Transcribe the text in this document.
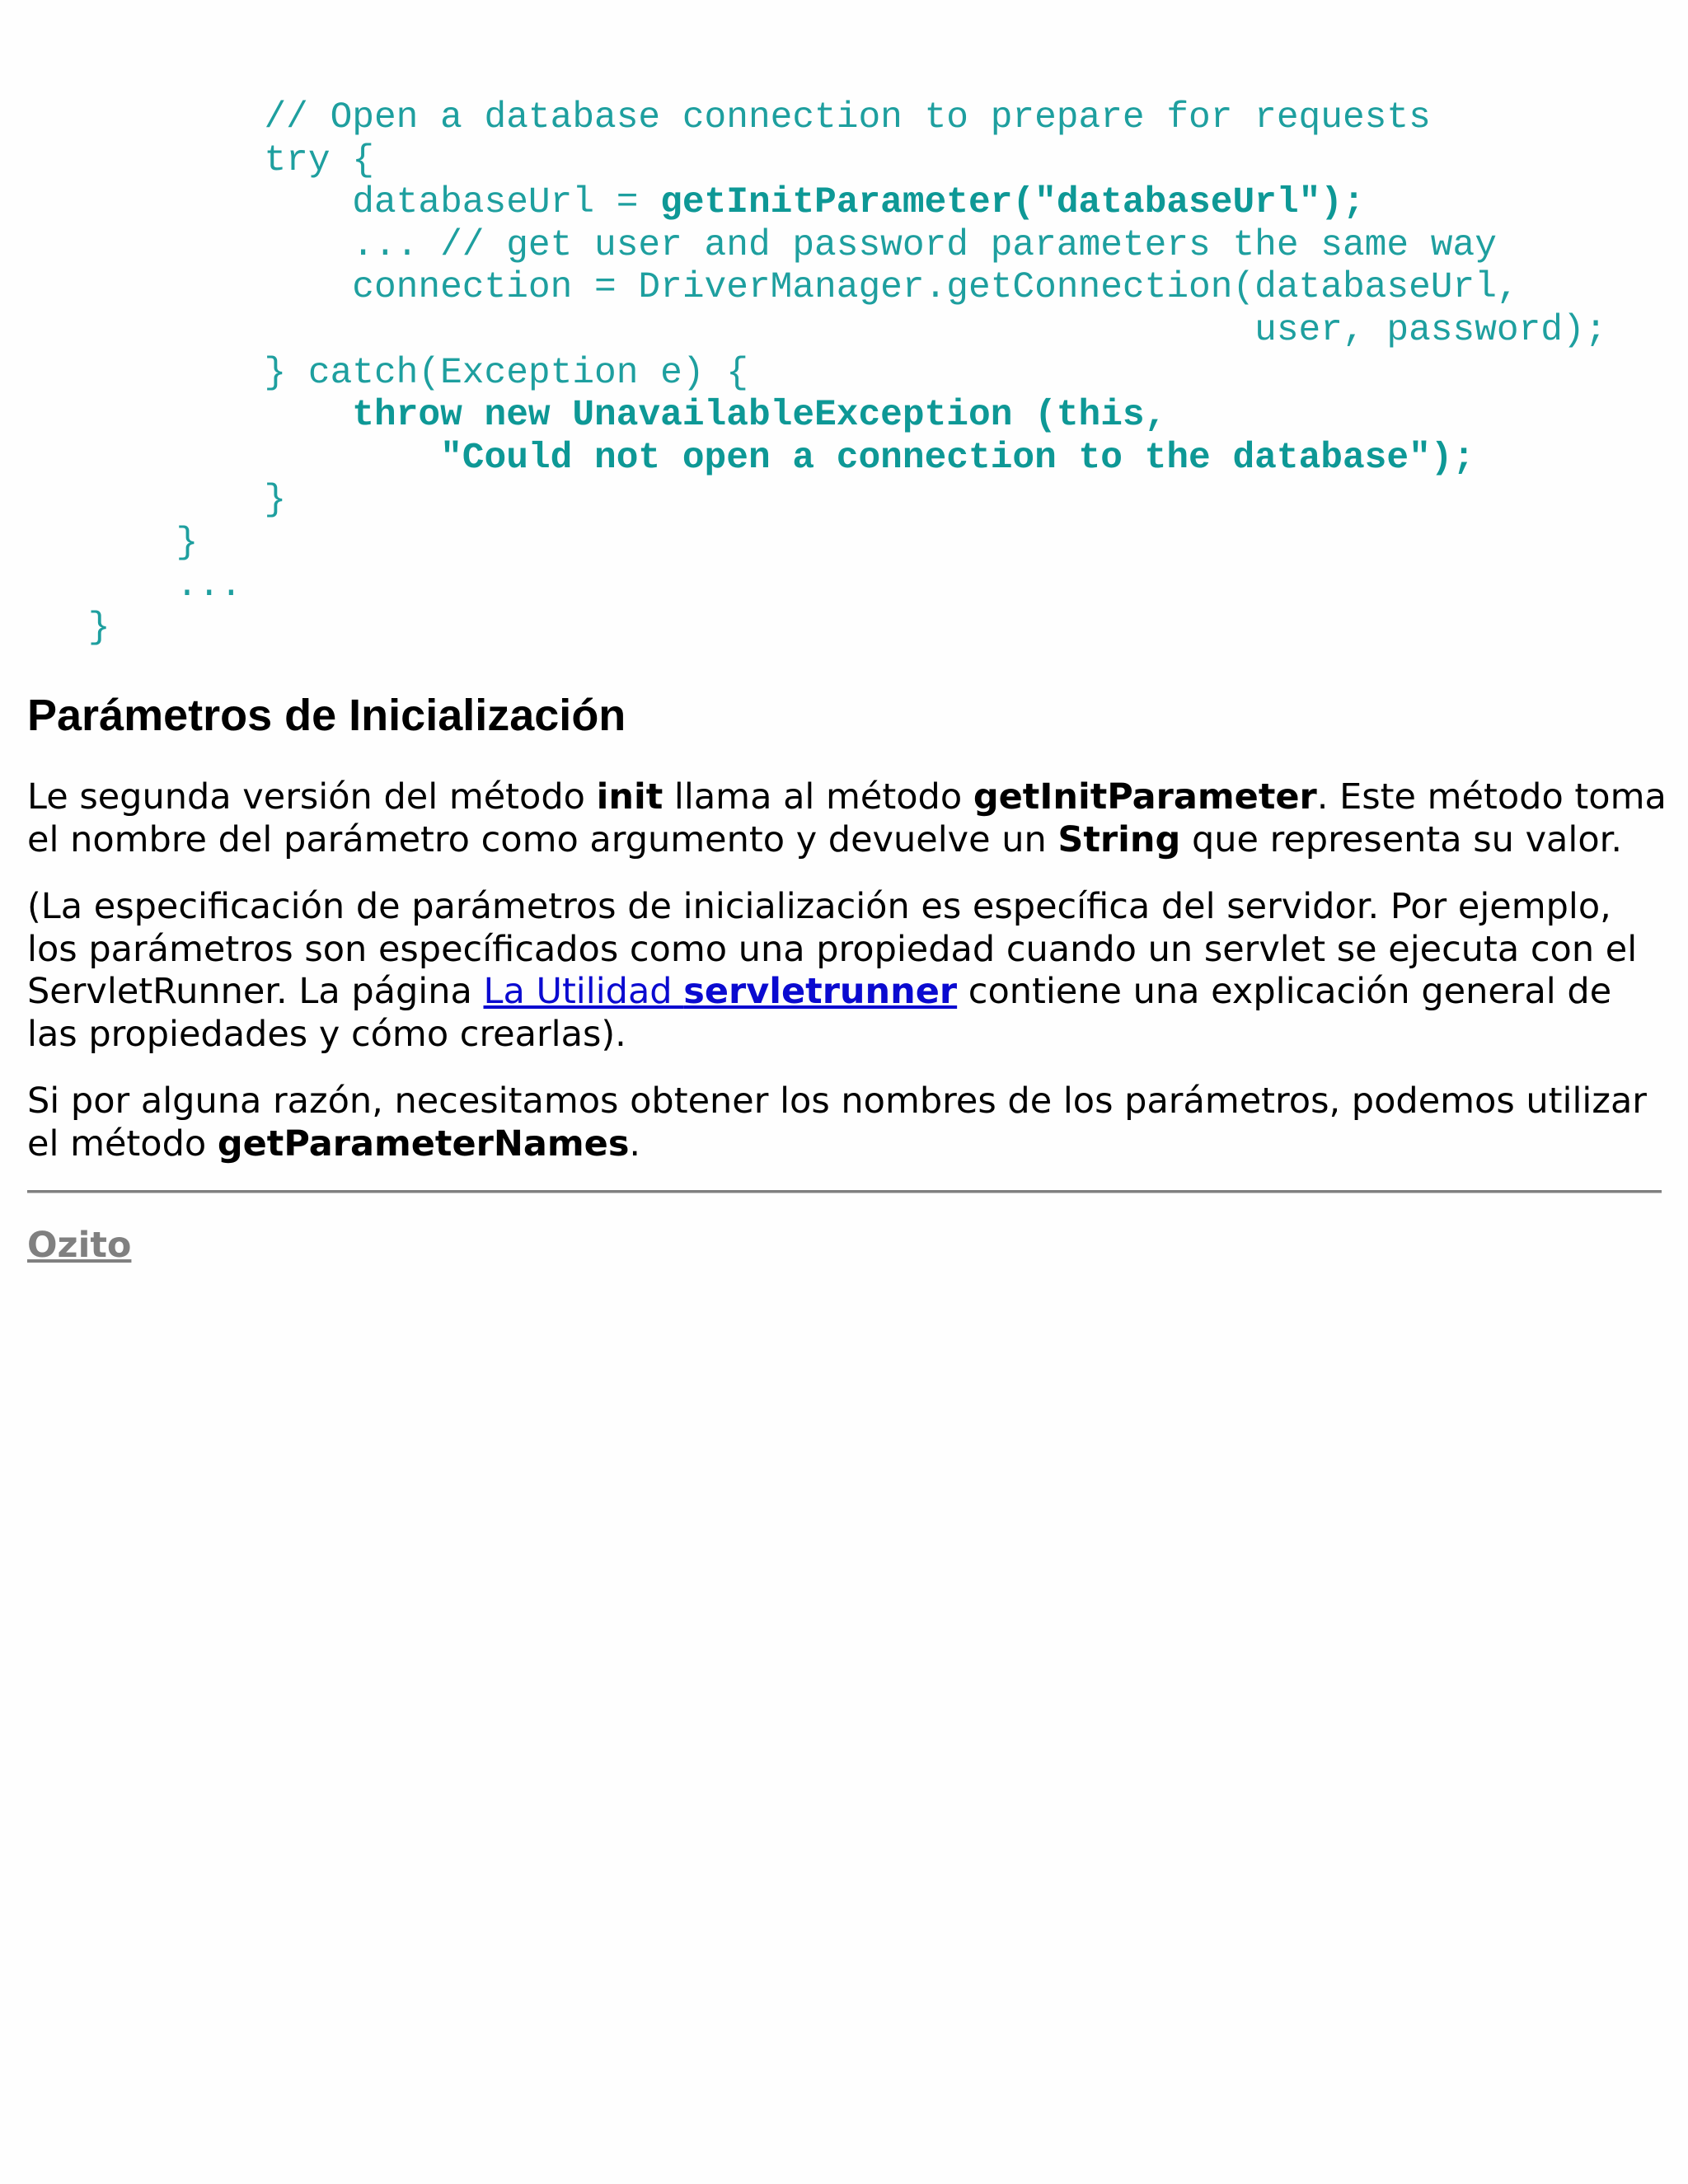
// Open a database connection to prepare for requests
try {
databaseUrl = getInitParameter("databaseUrl");
... // get user and password parameters the same way
connection = DriverManager.getConnection(databaseUrl,
user, password);
} catch(Exception e) {
throw new UnavailableException (this,
"Could not open a connection to the database");
}
}
...
}
Parámetros de Inicialización

Le segunda versión del método init llama al método getInitParameter. Este método toma el nombre del parámetro como argumento y devuelve un String que representa su valor.

(La especificación de parámetros de inicialización es específica del servidor. Por ejemplo, los parámetros son específicados como una propiedad cuando un servlet se ejecuta con el ServletRunner. La página La Utilidad servletrunner contiene una explicación general de las propiedades y cómo crearlas).

Si por alguna razón, necesitamos obtener los nombres de los parámetros, podemos utilizar el método getParameterNames.

Ozito
